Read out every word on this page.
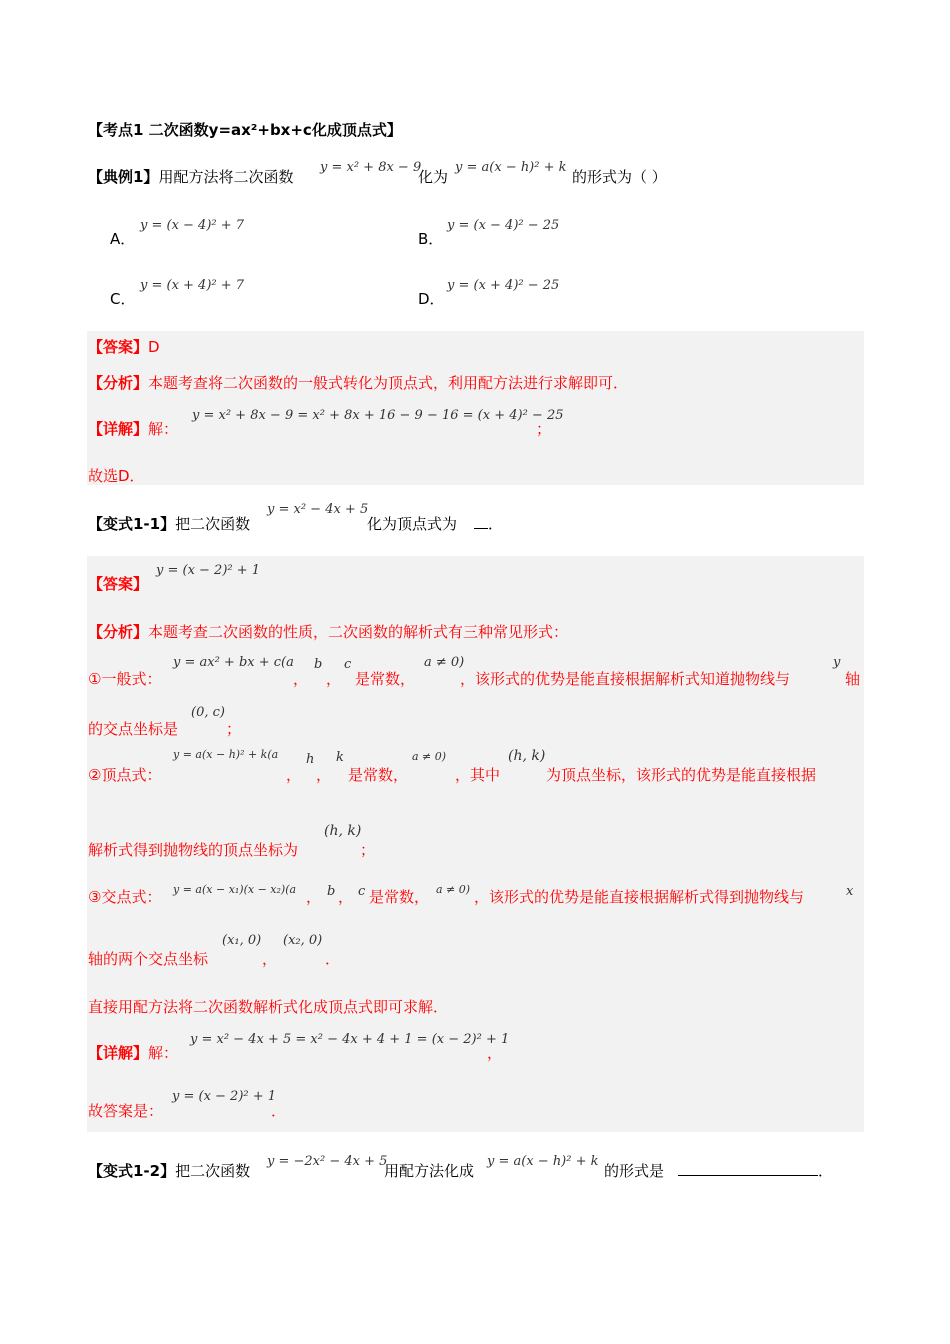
【考点1 二次函数y=ax²+bx+c化成顶点式】
【典例1】用配方法将二次函数
y = x² + 8x − 9
化为
y = a(x − h)² + k
的形式为（ ）
A．
y = (x − 4)² + 7
B．
y = (x − 4)² − 25
C．
y = (x + 4)² + 7
D．
y = (x + 4)² − 25
【答案】D
【分析】本题考查将二次函数的一般式转化为顶点式，利用配方法进行求解即可．
【详解】解：
y = x² + 8x − 9 = x² + 8x + 16 − 9 − 16 = (x + 4)² − 25
；
故选D．
【变式1-1】把二次函数
y = x² − 4x + 5
化为顶点式为	．
【答案】
y = (x − 2)² + 1
【分析】本题考查二次函数的性质，二次函数的解析式有三种常见形式：
①一般式：
y = ax² + bx + c(a
，
b
，
c
是常数，
a ≠ 0)
，该形式的优势是能直接根据解析式知道抛物线与
y
轴
的交点坐标是
(0, c)
；
②顶点式：
y = a(x − h)² + k(a
，
h
，
k
是常数，
a ≠ 0)
，其中
(h, k)
为顶点坐标，该形式的优势是能直接根据
解析式得到抛物线的顶点坐标为
(h, k)
；
③交点式： y = a(x − x₁)(x − x₂)(a ， b ， c 是常数， a ≠ 0) ，该形式的优势是能直接根据解析式得到抛物线与	x
轴的两个交点坐标
(x₁, 0)
，
(x₂, 0)
．
直接用配方法将二次函数解析式化成顶点式即可求解．
【详解】解：
y = x² − 4x + 5 = x² − 4x + 4 + 1 = (x − 2)² + 1
，
故答案是：
y = (x − 2)² + 1
．
【变式1-2】把二次函数
y = −2x² − 4x + 5
用配方法化成
y = a(x − h)² + k
的形式是	．
